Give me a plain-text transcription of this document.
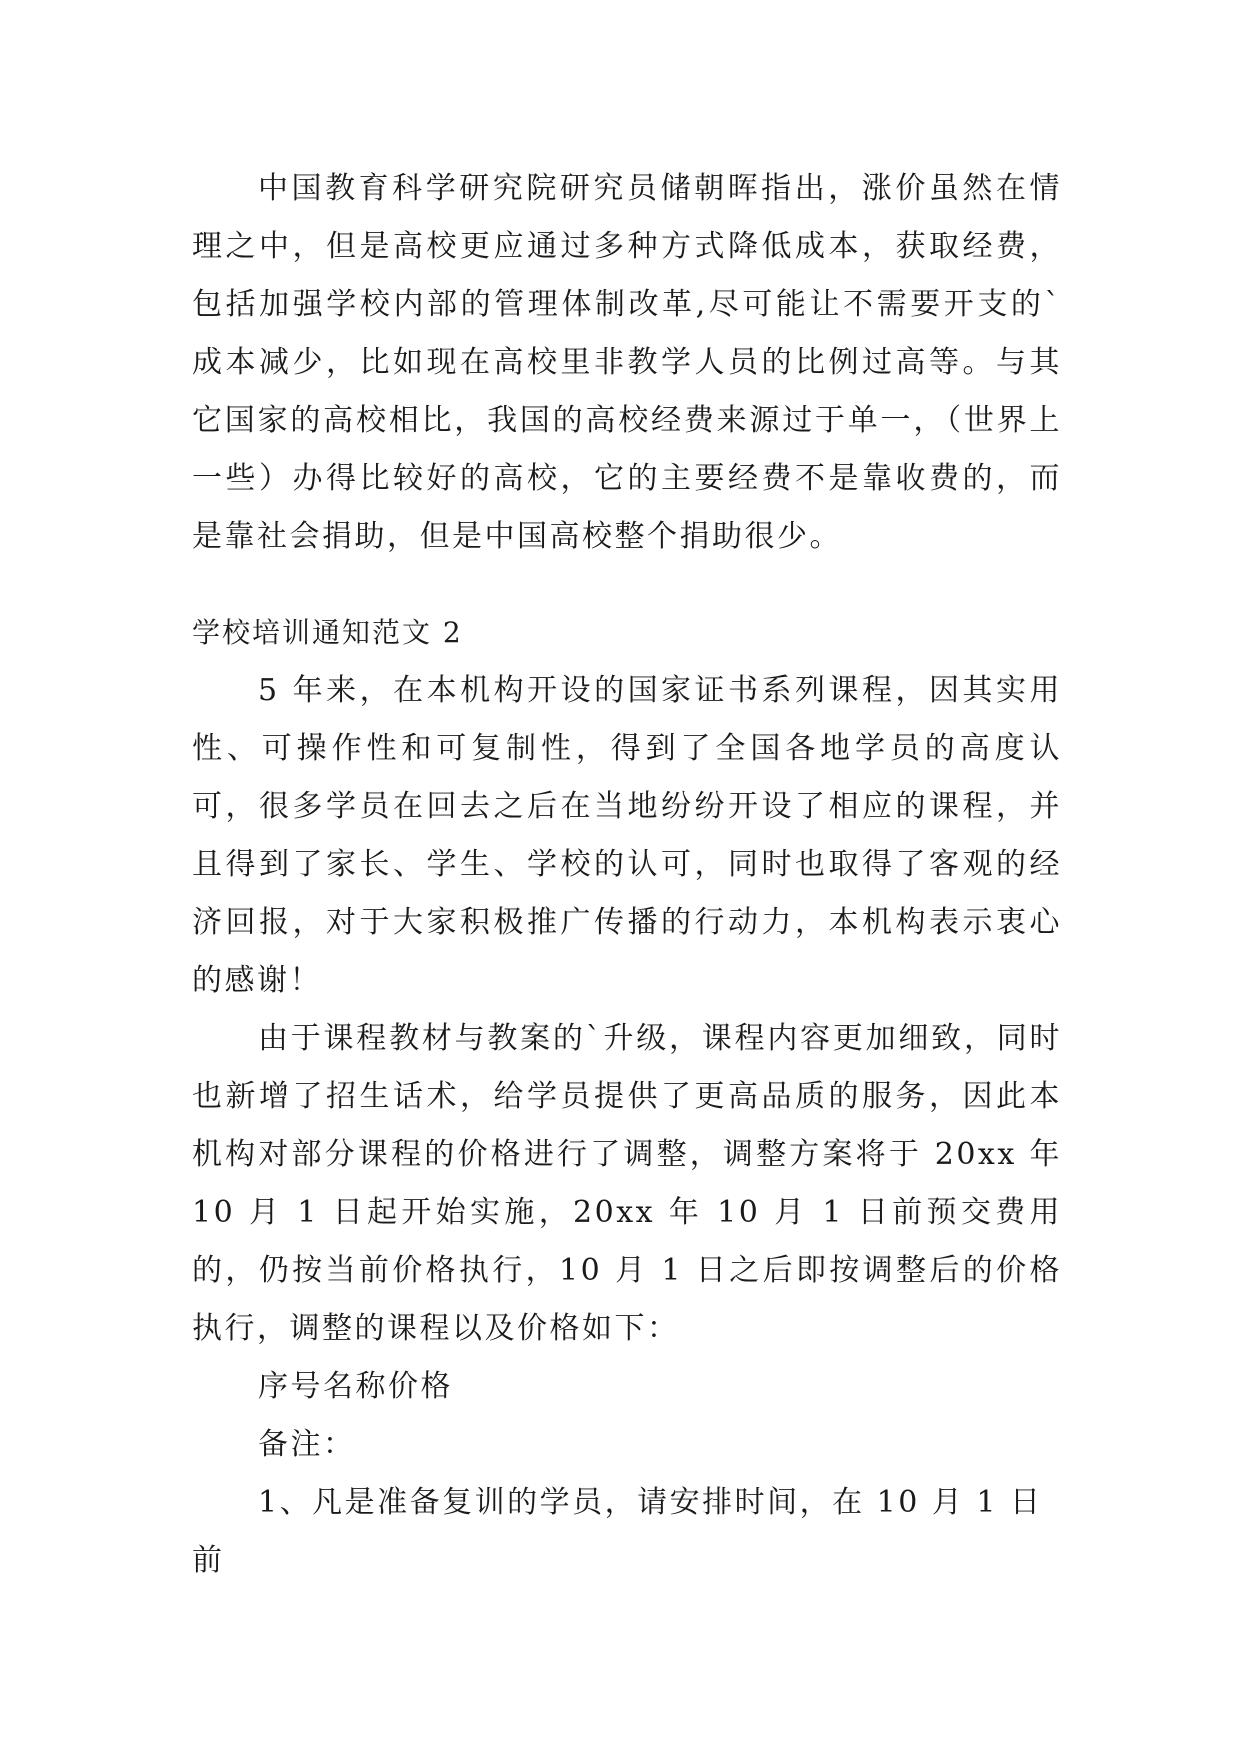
中国教育科学研究院研究员储朝晖指出，涨价虽然在情理之中，但是高校更应通过多种方式降低成本，获取经费，包括加强学校内部的管理体制改革,尽可能让不需要开支的`成本减少，比如现在高校里非教学人员的比例过高等。与其它国家的高校相比，我国的高校经费来源过于单一，（世界上一些）办得比较好的高校，它的主要经费不是靠收费的，而是靠社会捐助，但是中国高校整个捐助很少。

学校培训通知范文 2

5 年来，在本机构开设的国家证书系列课程，因其实用性、可操作性和可复制性，得到了全国各地学员的高度认可，很多学员在回去之后在当地纷纷开设了相应的课程，并且得到了家长、学生、学校的认可，同时也取得了客观的经济回报，对于大家积极推广传播的行动力，本机构表示衷心的感谢！

由于课程教材与教案的`升级，课程内容更加细致，同时也新增了招生话术，给学员提供了更高品质的服务，因此本机构对部分课程的价格进行了调整，调整方案将于 20xx 年 10 月 1 日起开始实施，20xx 年 10 月 1 日前预交费用的，仍按当前价格执行，10 月 1 日之后即按调整后的价格执行，调整的课程以及价格如下：

序号名称价格

备注：

1、凡是准备复训的学员，请安排时间，在 10 月 1 日前
